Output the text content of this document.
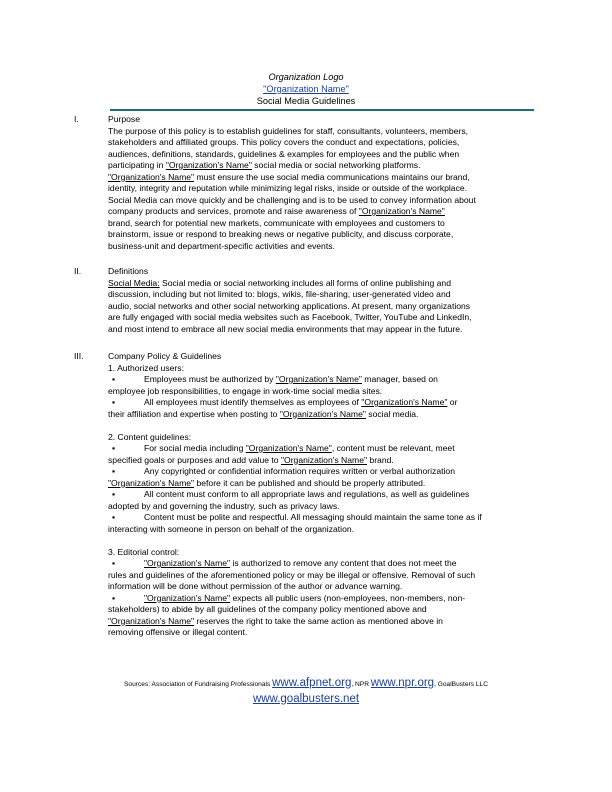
Organization Logo
"Organization Name"
Social Media Guidelines
I.	Purpose
The purpose of this policy is to establish guidelines for staff, consultants, volunteers, members,
stakeholders and affiliated groups. This policy covers the conduct and expectations, policies,
audiences, definitions, standards, guidelines & examples for employees and the public when
participating in "Organization's Name" social media or social networking platforms.
"Organization's Name" must ensure the use social media communications maintains our brand,
identity, integrity and reputation while minimizing legal risks, inside or outside of the workplace.
Social Media can move quickly and be challenging and is to be used to convey information about
company products and services, promote and raise awareness of "Organization's Name"
brand, search for potential new markets, communicate with employees and customers to
brainstorm, issue or respond to breaking news or negative publicity, and discuss corporate,
business-unit and department-specific activities and events.
II.	Definitions
Social Media: Social media or social networking includes all forms of online publishing and
discussion, including but not limited to: blogs, wikis, file‐sharing, user‐generated video and
audio, social networks and other social networking applications. At present, many organizations
are fully engaged with social media websites such as Facebook, Twitter, YouTube and LinkedIn,
and most intend to embrace all new social media environments that may appear in the future.
III.	Company Policy & Guidelines
1. Authorized users:
▪	Employees must be authorized by "Organization's Name" manager, based on
employee job responsibilities, to engage in work-time social media sites.
▪	All employees must identify themselves as employees of "Organization's Name" or
their affiliation and expertise when posting to "Organization's Name" social media.
2. Content guidelines:
▪	For social media including "Organization's Name", content must be relevant, meet
specified goals or purposes and add value to "Organization's Name" brand.
▪	Any copyrighted or confidential information requires written or verbal authorization
"Organization's Name" before it can be published and should be properly attributed.
▪	All content must conform to all appropriate laws and regulations, as well as guidelines
adopted by and governing the industry, such as privacy laws.
▪	Content must be polite and respectful. All messaging should maintain the same tone as if
interacting with someone in person on behalf of the organization.
3. Editorial control:
▪	"Organization's Name" is authorized to remove any content that does not meet the
rules and guidelines of the aforementioned policy or may be illegal or offensive. Removal of such
information will be done without permission of the author or advance warning.
▪	"Organization's Name" expects all public users (non-employees, non-members, non-
stakeholders) to abide by all guidelines of the company policy mentioned above and
"Organization's Name" reserves the right to take the same action as mentioned above in
removing offensive or illegal content.
Sources: Association of Fundraising Professionals www.afpnet.org, NPR www.npr.org, GoalBusters LLC
www.goalbusters.net
